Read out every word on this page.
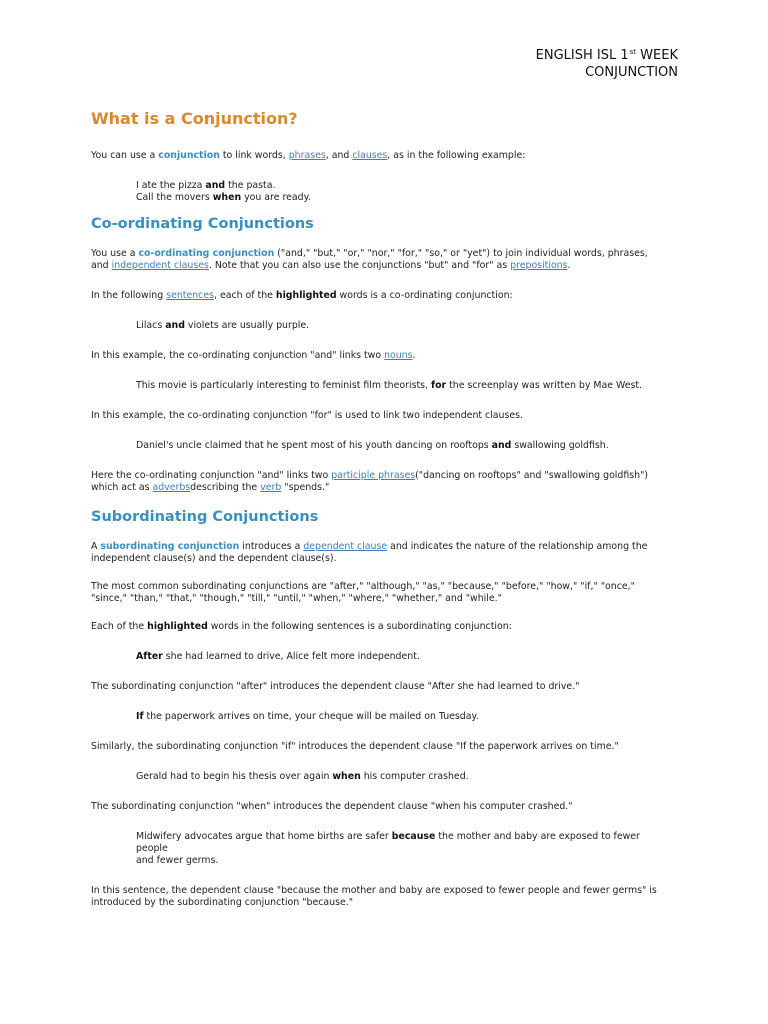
ENGLISH ISL 1st WEEK
CONJUNCTION
What is a Conjunction?

You can use a conjunction to link words, phrases, and clauses, as in the following example:

I ate the pizza and the pasta.
Call the movers when you are ready.
Co-ordinating Conjunctions

You use a co-ordinating conjunction ("and," "but," "or," "nor," "for," "so," or "yet") to join individual words, phrases,
and independent clauses. Note that you can also use the conjunctions "but" and "for" as prepositions.

In the following sentences, each of the highlighted words is a co-ordinating conjunction:

Lilacs and violets are usually purple.

In this example, the co-ordinating conjunction "and" links two nouns.

This movie is particularly interesting to feminist film theorists, for the screenplay was written by Mae West.

In this example, the co-ordinating conjunction "for" is used to link two independent clauses.

Daniel's uncle claimed that he spent most of his youth dancing on rooftops and swallowing goldfish.

Here the co-ordinating conjunction "and" links two participle phrases("dancing on rooftops" and "swallowing goldfish")
which act as adverbsdescribing the verb "spends."

Subordinating Conjunctions

A subordinating conjunction introduces a dependent clause and indicates the nature of the relationship among the
independent clause(s) and the dependent clause(s).

The most common subordinating conjunctions are "after," "although," "as," "because," "before," "how," "if," "once,"
"since," "than," "that," "though," "till," "until," "when," "where," "whether," and "while."

Each of the highlighted words in the following sentences is a subordinating conjunction:

After she had learned to drive, Alice felt more independent.

The subordinating conjunction "after" introduces the dependent clause "After she had learned to drive."

If the paperwork arrives on time, your cheque will be mailed on Tuesday.

Similarly, the subordinating conjunction "if" introduces the dependent clause "If the paperwork arrives on time."

Gerald had to begin his thesis over again when his computer crashed.

The subordinating conjunction "when" introduces the dependent clause "when his computer crashed."

Midwifery advocates argue that home births are safer because the mother and baby are exposed to fewer people
and fewer germs.

In this sentence, the dependent clause "because the mother and baby are exposed to fewer people and fewer germs" is
introduced by the subordinating conjunction "because."
